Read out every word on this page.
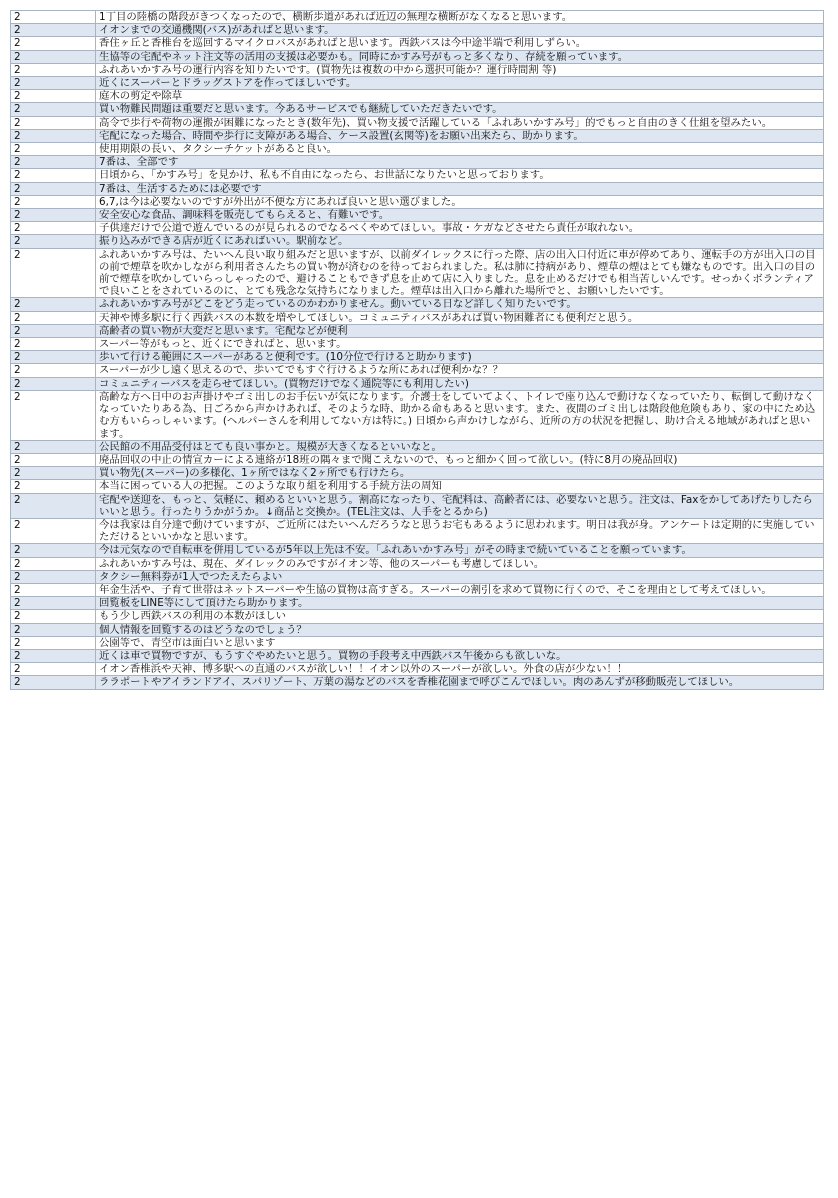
2	1丁目の陸橋の階段がきつくなったので、横断歩道があれば近辺の無理な横断がなくなると思います。
2	イオンまでの交通機関(バス)があればと思います。
2	香住ヶ丘と香椎台を巡回するマイクロバスがあればと思います。西鉄バスは今中途半端で利用しずらい。
2	生協等の宅配やネット注文等の活用の支援は必要かも。同時にかすみ号がもっと多くなり、存続を願っています。
2	ふれあいかすみ号の運行内容を知りたいです。(買物先は複数の中から選択可能か？運行時間割 等)
2	近くにスーパーとドラッグストアを作ってほしいです。
2	庭木の剪定や除草
2	買い物難民問題は重要だと思います。今あるサービスでも継続していただきたいです。
2	高令で歩行や荷物の運搬が困難になったとき(数年先)、買い物支援で活躍している「ふれあいかすみ号」的でもっと自由のきく仕組を望みたい。
2	宅配になった場合、時間や歩行に支障がある場合、ケース設置(玄関等)をお願い出来たら、助かります。
2	使用期限の長い、タクシーチケットがあると良い。
2	7番は、全部です
2	日頃から、「かすみ号」を見かけ、私も不自由になったら、お世話になりたいと思っております。
2	7番は、生活するためには必要です
2	6,7,は今は必要ないのですが外出が不便な方にあれば良いと思い選びました。
2	安全安心な食品、調味料を販売してもらえると、有難いです。
2	子供達だけで公道で遊んでいるのが見られるのでなるべくやめてほしい。事故・ケガなどさせたら責任が取れない。
2	振り込みができる店が近くにあればいい。駅前など。
2	ふれあいかすみ号は、たいへん良い取り組みだと思いますが、以前ダイレックスに行った際、店の出入口付近に車が停めてあり、運転手の方が出入口の目の前で煙草を吹かしながら利用者さんたちの買い物が済むのを待っておられました。私は肺に持病があり、煙草の煙はとても嫌なものです。出入口の目の前で煙草を吹かしていらっしゃったので、避けることもできず息を止めて店に入りました。息を止めるだけでも相当苦しいんです。せっかくボランティアで良いことをされているのに、とても残念な気持ちになりました。煙草は出入口から離れた場所でと、お願いしたいです。
2	ふれあいかすみ号がどこをどう走っているのかわかりません。動いている日など詳しく知りたいです。
2	天神や博多駅に行く西鉄バスの本数を増やしてほしい。コミュニティバスがあれば買い物困難者にも便利だと思う。
2	高齢者の買い物が大変だと思います。宅配などが便利
2	スーパー等がもっと、近くにできればと、思います。
2	歩いて行ける範囲にスーパーがあると便利です。(10分位で行けると助かります)
2	スーパーが少し遠く思えるので、歩いてでもすぐ行けるような所にあれば便利かな？？
2	コミュニティーバスを走らせてほしい。(買物だけでなく通院等にも利用したい)
2	高齢な方へ日中のお声掛けやゴミ出しのお手伝いが気になります。介護士をしていてよく、トイレで座り込んで動けなくなっていたり、転倒して動けなくなっていたりある為、日ごろから声かけあれば、そのような時、助かる命もあると思います。また、夜間のゴミ出しは階段他危険もあり、家の中にため込む方もいらっしゃいます。(ヘルパーさんを利用してない方は特に。) 日頃から声かけしながら、近所の方の状況を把握し、助け合える地域があればと思います。
2	公民館の不用品受付はとても良い事かと。規模が大きくなるといいなと。
2	廃品回収の中止の情宣カーによる連絡が18班の隅々まで聞こえないので、もっと細かく回って欲しい。(特に8月の廃品回収)
2	買い物先(スーパー)の多様化、1ヶ所ではなく2ヶ所でも行けたら。
2	本当に困っている人の把握。このような取り組を利用する手続方法の周知
2	宅配や送迎を、もっと、気軽に、頼めるといいと思う。割高になったり、宅配料は、高齢者には、必要ないと思う。注文は、Faxをかしてあげたりしたらいいと思う。行ったりうかがうか。↓商品と交換か。(TEL注文は、人手をとるから)
2	今は我家は自分達で動けていますが、ご近所にはたいへんだろうなと思うお宅もあるように思われます。明日は我が身。アンケートは定期的に実施していただけるといいかなと思います。
2	今は元気なので自転車を併用しているが5年以上先は不安。「ふれあいかすみ号」がその時まで続いていることを願っています。
2	ふれあいかすみ号は、現在、ダイレックのみですがイオン等、他のスーパーも考慮してほしい。
2	タクシー無料券が1人でつたえたらよい
2	年金生活や、子育て世帯はネットスーパーや生協の買物は高すぎる。スーパーの割引を求めて買物に行くので、そこを理由として考えてほしい。
2	回覧板をLINE等にして頂けたら助かります。
2	もう少し西鉄バスの利用の本数がほしい
2	個人情報を回覧するのはどうなのでしょう？
2	公園等で、青空市は面白いと思います
2	近くは車で買物ですが、もうすぐやめたいと思う。買物の手段考え中西鉄バス午後からも欲しいな。
2	イオン香椎浜や天神、博多駅への直通のバスが欲しい！！イオン以外のスーパーが欲しい。外食の店が少ない！！
2	ララポートやアイランドアイ、スパリゾート、万葉の湯などのバスを香椎花園まで呼びこんでほしい。肉のあんずが移動販売してほしい。
